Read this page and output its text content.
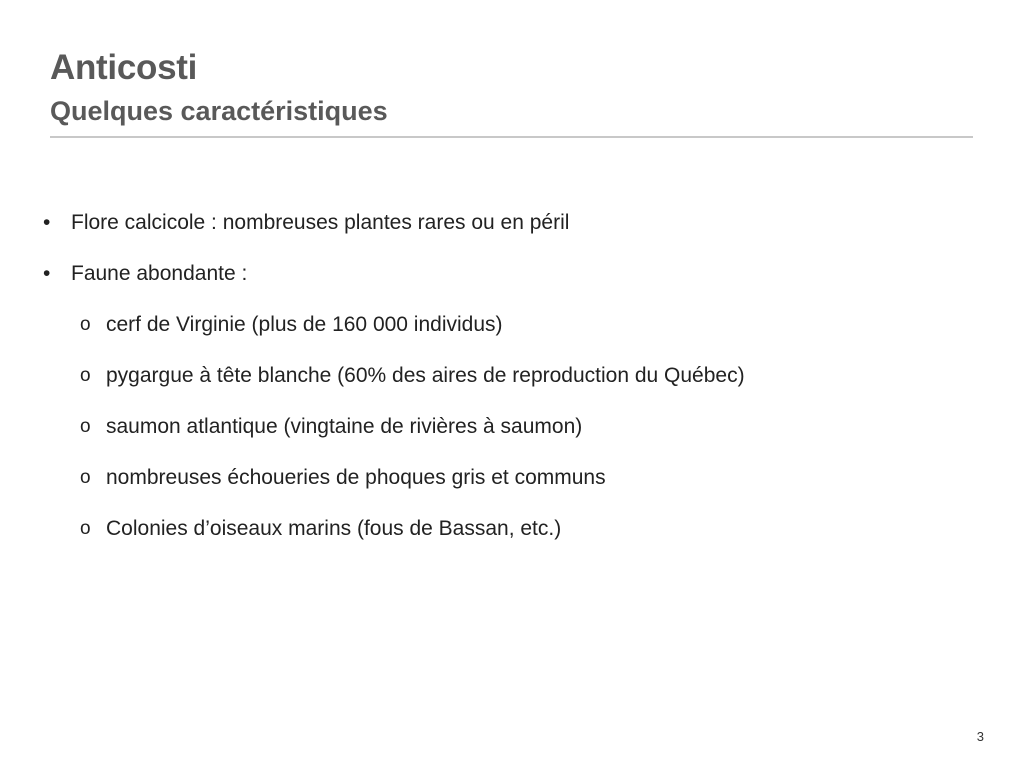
Anticosti
Quelques caractéristiques
• Flore calcicole : nombreuses plantes rares ou en péril
• Faune abondante :
o cerf de Virginie (plus de 160 000 individus)
o pygargue à tête blanche (60% des aires de reproduction du Québec)
o saumon atlantique (vingtaine de rivières à saumon)
o nombreuses échoueries de phoques gris et communs
o Colonies d’oiseaux marins (fous de Bassan, etc.)
3
